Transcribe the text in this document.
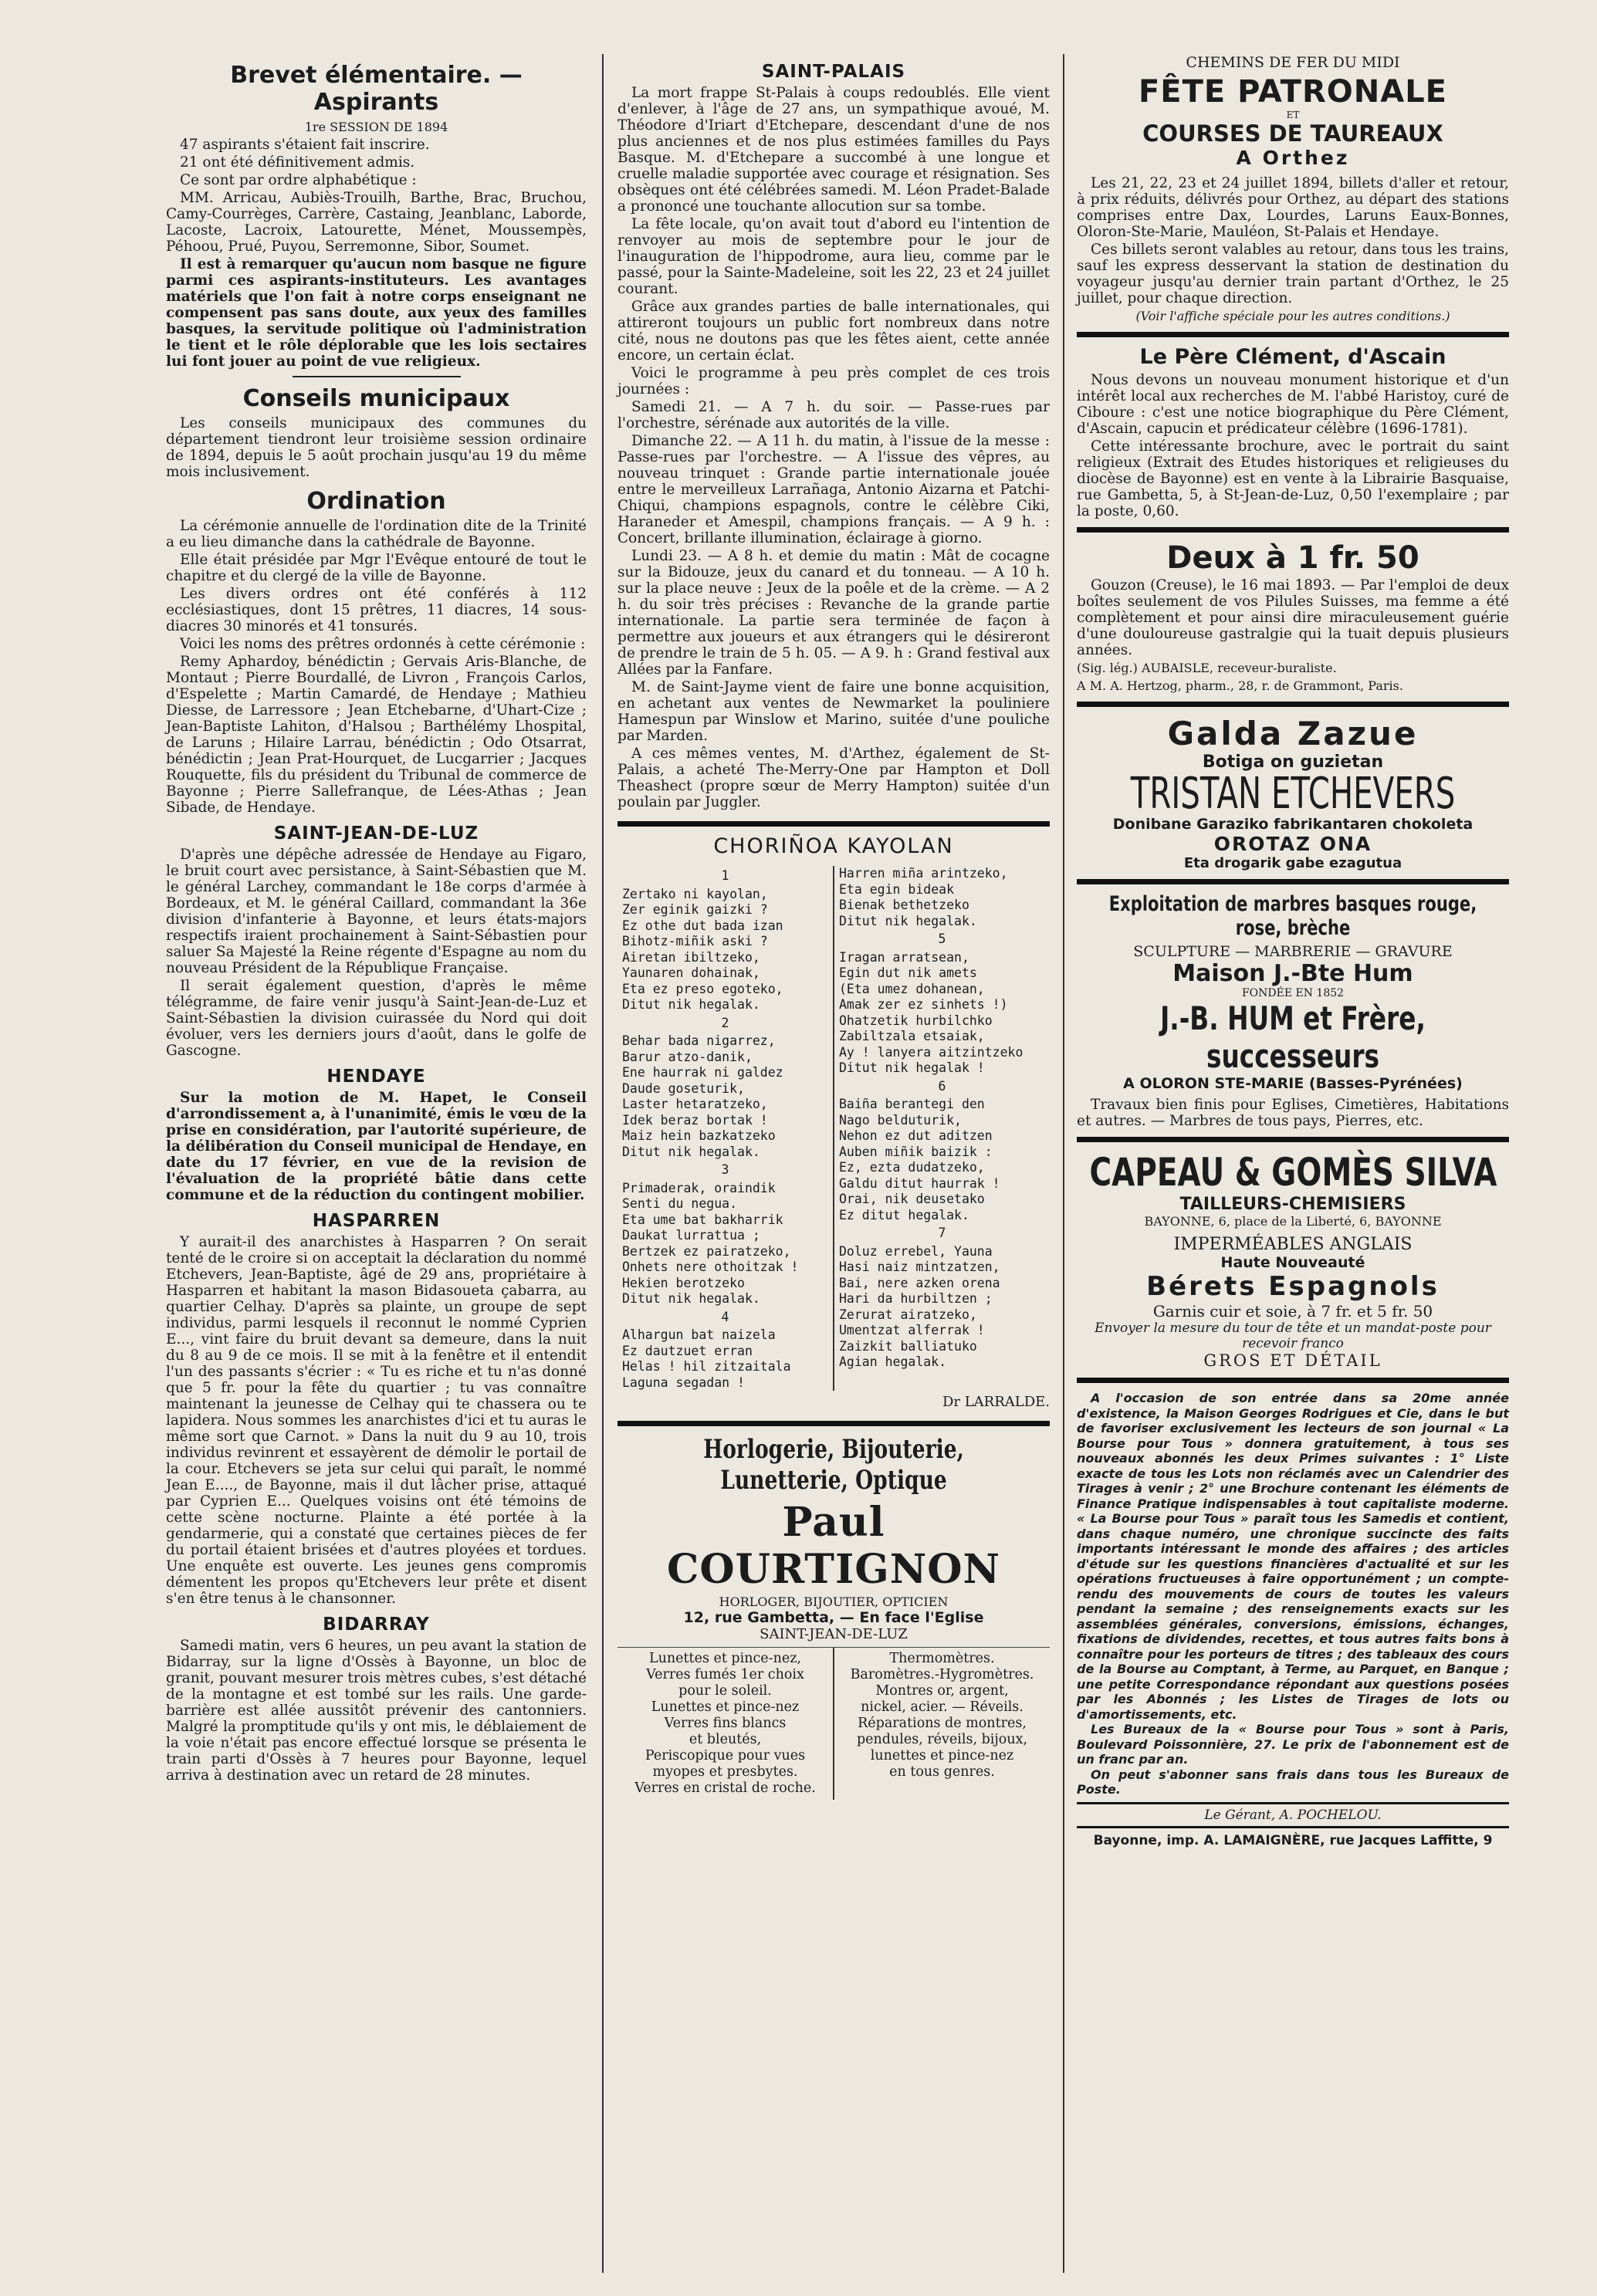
Brevet élémentaire. — Aspirants

1re SESSION DE 1894

47 aspirants s'étaient fait inscrire.

21 ont été définitivement admis.

Ce sont par ordre alphabétique :

MM. Arricau, Aubiès-Trouilh, Barthe, Brac, Bruchou, Camy-Courrèges, Carrère, Castaing, Jeanblanc, Laborde, Lacoste, Lacroix, Latourette, Ménet, Moussempès, Péhoou, Prué, Puyou, Serremonne, Sibor, Soumet.

Il est à remarquer qu'aucun nom basque ne figure parmi ces aspirants-instituteurs. Les avantages matériels que l'on fait à notre corps enseignant ne compensent pas sans doute, aux yeux des familles basques, la servitude politique où l'administration le tient et le rôle déplorable que les lois sectaires lui font jouer au point de vue religieux.

Conseils municipaux

Les conseils municipaux des communes du département tiendront leur troisième session ordinaire de 1894, depuis le 5 août prochain jusqu'au 19 du même mois inclusivement.

Ordination

La cérémonie annuelle de l'ordination dite de la Trinité a eu lieu dimanche dans la cathédrale de Bayonne.

Elle était présidée par Mgr l'Evêque entouré de tout le chapitre et du clergé de la ville de Bayonne.

Les divers ordres ont été conférés à 112 ecclésiastiques, dont 15 prêtres, 11 diacres, 14 sous-diacres 30 minorés et 41 tonsurés.

Voici les noms des prêtres ordonnés à cette cérémonie :

Remy Aphardoy, bénédictin ; Gervais Aris-Blanche, de Montaut ; Pierre Bourdallé, de Livron , François Carlos, d'Espelette ; Martin Camardé, de Hendaye ; Mathieu Diesse, de Larressore ; Jean Etchebarne, d'Uhart-Cize ; Jean-Baptiste Lahiton, d'Halsou ; Barthélémy Lhospital, de Laruns ; Hilaire Larrau, bénédictin ; Odo Otsarrat, bénédictin ; Jean Prat-Hourquet, de Lucgarrier ; Jacques Rouquette, fils du président du Tribunal de commerce de Bayonne ; Pierre Sallefranque, de Lées-Athas ; Jean Sibade, de Hendaye.

SAINT-JEAN-DE-LUZ

D'après une dépêche adressée de Hendaye au Figaro, le bruit court avec persistance, à Saint-Sébastien que M. le général Larchey, commandant le 18e corps d'armée à Bordeaux, et M. le général Caillard, commandant la 36e division d'infanterie à Bayonne, et leurs états-majors respectifs iraient prochainement à Saint-Sébastien pour saluer Sa Majesté la Reine régente d'Espagne au nom du nouveau Président de la République Française.

Il serait également question, d'après le même télégramme, de faire venir jusqu'à Saint-Jean-de-Luz et Saint-Sébastien la division cuirassée du Nord qui doit évoluer, vers les derniers jours d'août, dans le golfe de Gascogne.

HENDAYE

Sur la motion de M. Hapet, le Conseil d'arrondissement a, à l'unanimité, émis le vœu de la prise en considération, par l'autorité supérieure, de la délibération du Conseil municipal de Hendaye, en date du 17 février, en vue de la revision de l'évaluation de la propriété bâtie dans cette commune et de la réduction du contingent mobilier.

HASPARREN

Y aurait-il des anarchistes à Hasparren ? On serait tenté de le croire si on acceptait la déclaration du nommé Etchevers, Jean-Baptiste, âgé de 29 ans, propriétaire à Hasparren et habitant la mason Bidasoueta çabarra, au quartier Celhay. D'après sa plainte, un groupe de sept individus, parmi lesquels il reconnut le nommé Cyprien E..., vint faire du bruit devant sa demeure, dans la nuit du 8 au 9 de ce mois. Il se mit à la fenêtre et il entendit l'un des passants s'écrier : « Tu es riche et tu n'as donné que 5 fr. pour la fête du quartier ; tu vas connaître maintenant la jeunesse de Celhay qui te chassera ou te lapidera. Nous sommes les anarchistes d'ici et tu auras le même sort que Carnot. » Dans la nuit du 9 au 10, trois individus revinrent et essayèrent de démolir le portail de la cour. Etchevers se jeta sur celui qui paraît, le nommé Jean E...., de Bayonne, mais il dut lâcher prise, attaqué par Cyprien E... Quelques voisins ont été témoins de cette scène nocturne. Plainte a été portée à la gendarmerie, qui a constaté que certaines pièces de fer du portail étaient brisées et d'autres ployées et tordues. Une enquête est ouverte. Les jeunes gens compromis démentent les propos qu'Etchevers leur prête et disent s'en être tenus à le chansonner.

BIDARRAY

Samedi matin, vers 6 heures, un peu avant la station de Bidarray, sur la ligne d'Ossès à Bayonne, un bloc de granit, pouvant mesurer trois mètres cubes, s'est détaché de la montagne et est tombé sur les rails. Une garde-barrière est allée aussitôt prévenir des cantonniers. Malgré la promptitude qu'ils y ont mis, le déblaiement de la voie n'était pas encore effectué lorsque se présenta le train parti d'Ossès à 7 heures pour Bayonne, lequel arriva à destination avec un retard de 28 minutes.

SAINT-PALAIS

La mort frappe St-Palais à coups redoublés. Elle vient d'enlever, à l'âge de 27 ans, un sympathique avoué, M. Théodore d'Iriart d'Etchepare, descendant d'une de nos plus anciennes et de nos plus estimées familles du Pays Basque. M. d'Etchepare a succombé à une longue et cruelle maladie supportée avec courage et résignation. Ses obsèques ont été célébrées samedi. M. Léon Pradet-Balade a prononcé une touchante allocution sur sa tombe.

La fête locale, qu'on avait tout d'abord eu l'intention de renvoyer au mois de septembre pour le jour de l'inauguration de l'hippodrome, aura lieu, comme par le passé, pour la Sainte-Madeleine, soit les 22, 23 et 24 juillet courant.

Grâce aux grandes parties de balle internationales, qui attireront toujours un public fort nombreux dans notre cité, nous ne doutons pas que les fêtes aient, cette année encore, un certain éclat.

Voici le programme à peu près complet de ces trois journées :

Samedi 21. — A 7 h. du soir. — Passe-rues par l'orchestre, sérénade aux autorités de la ville.

Dimanche 22. — A 11 h. du matin, à l'issue de la messe : Passe-rues par l'orchestre. — A l'issue des vêpres, au nouveau trinquet : Grande partie internationale jouée entre le merveilleux Larrañaga, Antonio Aizarna et Patchi-Chiqui, champions espagnols, contre le célèbre Ciki, Haraneder et Amespil, champions français. — A 9 h. : Concert, brillante illumination, éclairage à giorno.

Lundi 23. — A 8 h. et demie du matin : Mât de cocagne sur la Bidouze, jeux du canard et du tonneau. — A 10 h. sur la place neuve : Jeux de la poêle et de la crème. — A 2 h. du soir très précises : Revanche de la grande partie internationale. La partie sera terminée de façon à permettre aux joueurs et aux étrangers qui le désireront de prendre le train de 5 h. 05. — A 9. h : Grand festival aux Allées par la Fanfare.

M. de Saint-Jayme vient de faire une bonne acquisition, en achetant aux ventes de Newmarket la pouliniere Hamespun par Winslow et Marino, suitée d'une pouliche par Marden.

A ces mêmes ventes, M. d'Arthez, également de St-Palais, a acheté The-Merry-One par Hampton et Doll Theashect (propre sœur de Merry Hampton) suitée d'un poulain par Juggler.

CHORIÑOA KAYOLAN
1
Zertako ni kayolan,
Zer eginik gaizki ?
Ez othe dut bada izan
Bihotz-miñik aski ?
Airetan ibiltzeko,
Yaunaren dohainak,
Eta ez preso egoteko,
Ditut nik hegalak.
2
Behar bada nigarrez,
Barur atzo-danik,
Ene haurrak ni galdez
Daude goseturik,
Laster hetaratzeko,
Idek beraz bortak !
Maiz hein bazkatzeko
Ditut nik hegalak.
3
Primaderak, oraindik
Senti du negua.
Eta ume bat bakharrik
Daukat lurrattua ;
Bertzek ez pairatzeko,
Onhets nere othoitzak !
Hekien berotzeko
Ditut nik hegalak.
4
Alhargun bat naizela
Ez dautzuet erran
Helas ! hil zitzaitala
Laguna segadan !
Harren miña arintzeko,
Eta egin bideak
Bienak bethetzeko
Ditut nik hegalak.
5
Iragan arratsean,
Egin dut nik amets
(Eta umez dohanean,
Amak zer ez sinhets !)
Ohatzetik hurbilchko
Zabiltzala etsaiak,
Ay ! lanyera aitzintzeko
Ditut nik hegalak !
6
Baiña berantegi den
Nago belduturik,
Nehon ez dut aditzen
Auben miñik baizik :
Ez, ezta dudatzeko,
Galdu ditut haurrak !
Orai, nik deusetako
Ez ditut hegalak.
7
Doluz errebel, Yauna
Hasi naiz mintzatzen,
Bai, nere azken orena
Hari da hurbiltzen ;
Zerurat airatzeko,
Umentzat alferrak !
Zaizkit balliatuko
Agian hegalak.
Dr LARRALDE.
Horlogerie, Bijouterie, Lunetterie, Optique
Paul COURTIGNON
HORLOGER, BIJOUTIER, OPTICIEN
12, rue Gambetta, — En face l'Eglise
SAINT-JEAN-DE-LUZ
Lunettes et pince-nez,
Verres fumés 1er choix
pour le soleil.
Lunettes et pince-nez
Verres fins blancs
et bleutés,
Periscopique pour vues
myopes et presbytes.
Verres en cristal de roche.
Thermomètres.
Baromètres.-Hygromètres.
Montres or, argent,
nickel, acier. — Réveils.
Réparations de montres,
pendules, réveils, bijoux,
lunettes et pince-nez
en tous genres.
CHEMINS DE FER DU MIDI
FÊTE PATRONALE
ET
COURSES DE TAUREAUX
A Orthez

Les 21, 22, 23 et 24 juillet 1894, billets d'aller et retour, à prix réduits, délivrés pour Orthez, au départ des stations comprises entre Dax, Lourdes, Laruns Eaux-Bonnes, Oloron-Ste-Marie, Mauléon, St-Palais et Hendaye.

Ces billets seront valables au retour, dans tous les trains, sauf les express desservant la station de destination du voyageur jusqu'au dernier train partant d'Orthez, le 25 juillet, pour chaque direction.

(Voir l'affiche spéciale pour les autres conditions.)

Le Père Clément, d'Ascain

Nous devons un nouveau monument historique et d'un intérêt local aux recherches de M. l'abbé Haristoy, curé de Ciboure : c'est une notice biographique du Père Clément, d'Ascain, capucin et prédicateur célèbre (1696-1781).

Cette intéressante brochure, avec le portrait du saint religieux (Extrait des Etudes historiques et religieuses du diocèse de Bayonne) est en vente à la Librairie Basquaise, rue Gambetta, 5, à St-Jean-de-Luz, 0,50 l'exemplaire ; par la poste, 0,60.

Deux à 1 fr. 50

Gouzon (Creuse), le 16 mai 1893. — Par l'emploi de deux boîtes seulement de vos Pilules Suisses, ma femme a été complètement et pour ainsi dire miraculeusement guérie d'une douloureuse gastralgie qui la tuait depuis plusieurs années.

(Sig. lég.) AUBAISLE, receveur-buraliste.

A M. A. Hertzog, pharm., 28, r. de Grammont, Paris.

Galda Zazue
Botiga on guzietan
TRISTAN ETCHEVERS
Donibane Garaziko fabrikantaren chokoleta
OROTAZ ONA
Eta drogarik gabe ezagutua
Exploitation de marbres basques rouge, rose, brèche
SCULPTURE — MARBRERIE — GRAVURE
Maison J.-Bte Hum
FONDÉE EN 1852
J.-B. HUM et Frère, successeurs
A OLORON STE-MARIE (Basses-Pyrénées)

Travaux bien finis pour Eglises, Cimetières, Habitations et autres. — Marbres de tous pays, Pierres, etc.

CAPEAU & GOMÈS SILVA
TAILLEURS-CHEMISIERS
BAYONNE, 6, place de la Liberté, 6, BAYONNE
IMPERMÉABLES ANGLAIS
Haute Nouveauté
Bérets Espagnols
Garnis cuir et soie, à 7 fr. et 5 fr. 50
Envoyer la mesure du tour de tête et un mandat-poste pour recevoir franco
GROS ET DÉTAIL
A l'occasion de son entrée dans sa 20me année d'existence, la Maison Georges Rodrigues et Cie, dans le but de favoriser exclusivement les lecteurs de son journal « La Bourse pour Tous » donnera gratuitement, à tous ses nouveaux abonnés les deux Primes suivantes : 1° Liste exacte de tous les Lots non réclamés avec un Calendrier des Tirages à venir ; 2° une Brochure contenant les éléments de Finance Pratique indispensables à tout capitaliste moderne. « La Bourse pour Tous » paraît tous les Samedis et contient, dans chaque numéro, une chronique succincte des faits importants intéressant le monde des affaires ; des articles d'étude sur les questions financières d'actualité et sur les opérations fructueuses à faire opportunément ; un compte-rendu des mouvements de cours de toutes les valeurs pendant la semaine ; des renseignements exacts sur les assemblées générales, conversions, émissions, échanges, fixations de dividendes, recettes, et tous autres faits bons à connaître pour les porteurs de titres ; des tableaux des cours de la Bourse au Comptant, à Terme, au Parquet, en Banque ; une petite Correspondance répondant aux questions posées par les Abonnés ; les Listes de Tirages de lots ou d'amortissements, etc.
Les Bureaux de la « Bourse pour Tous » sont à Paris, Boulevard Poissonnière, 27. Le prix de l'abonnement est de un franc par an.
On peut s'abonner sans frais dans tous les Bureaux de Poste.
Le Gérant, A. POCHELOU.
Bayonne, imp. A. LAMAIGNÈRE, rue Jacques Laffitte, 9
